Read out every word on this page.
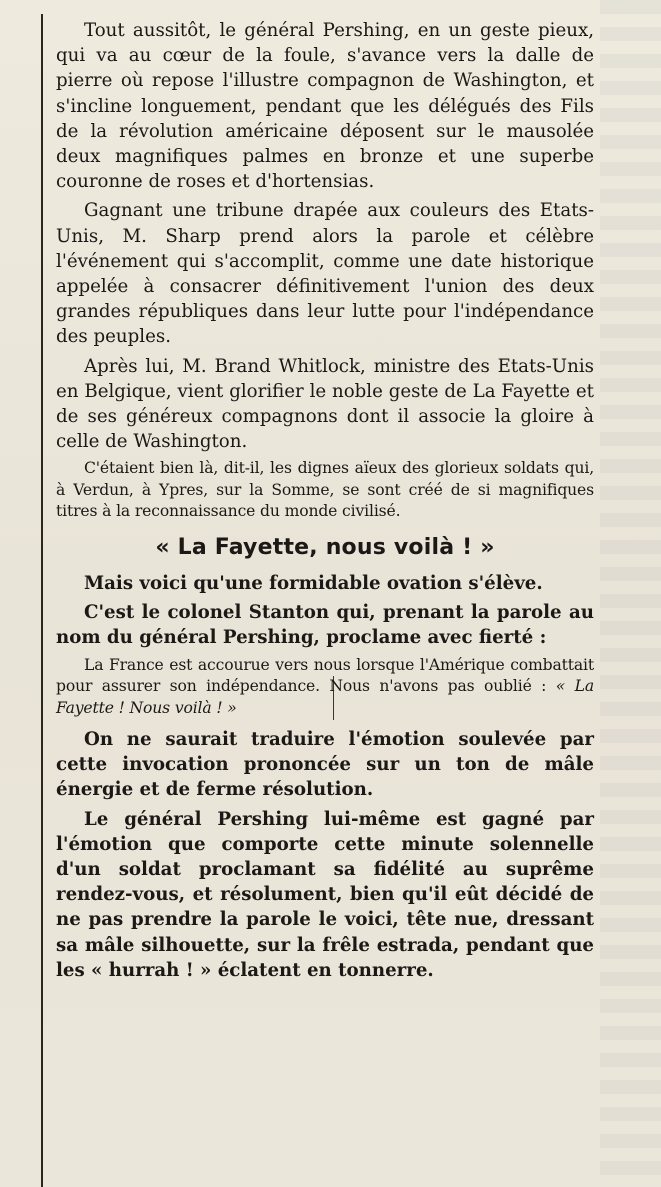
Tout aussitôt, le général Pershing, en un geste pieux, qui va au cœur de la foule, s'avance vers la dalle de pierre où repose l'illustre compagnon de Washington, et s'incline longuement, pendant que les délégués des Fils de la révolution américaine déposent sur le mausolée deux magnifiques palmes en bronze et une superbe couronne de roses et d'hortensias.

Gagnant une tribune drapée aux couleurs des Etats-Unis, M. Sharp prend alors la parole et célèbre l'événement qui s'accomplit, comme une date historique appelée à consacrer définitivement l'union des deux grandes républiques dans leur lutte pour l'indépendance des peuples.

Après lui, M. Brand Whitlock, ministre des Etats-Unis en Belgique, vient glorifier le noble geste de La Fayette et de ses généreux compagnons dont il associe la gloire à celle de Washington.

C'étaient bien là, dit-il, les dignes aïeux des glorieux soldats qui, à Verdun, à Ypres, sur la Somme, se sont créé de si magnifiques titres à la reconnaissance du monde civilisé.

« La Fayette, nous voilà ! »

Mais voici qu'une formidable ovation s'élève.

C'est le colonel Stanton qui, prenant la parole au nom du général Pershing, proclame avec fierté :

La France est accourue vers nous lorsque l'Amérique combattait pour assurer son indépendance. Nous n'avons pas oublié : « La Fayette ! Nous voilà ! »

On ne saurait traduire l'émotion soulevée par cette invocation prononcée sur un ton de mâle énergie et de ferme résolution.

Le général Pershing lui-même est gagné par l'émotion que comporte cette minute solennelle d'un soldat proclamant sa fidélité au suprême rendez-vous, et résolument, bien qu'il eût décidé de ne pas prendre la parole le voici, tête nue, dressant sa mâle silhouette, sur la frêle estrada, pendant que les « hurrah ! » éclatent en tonnerre.
